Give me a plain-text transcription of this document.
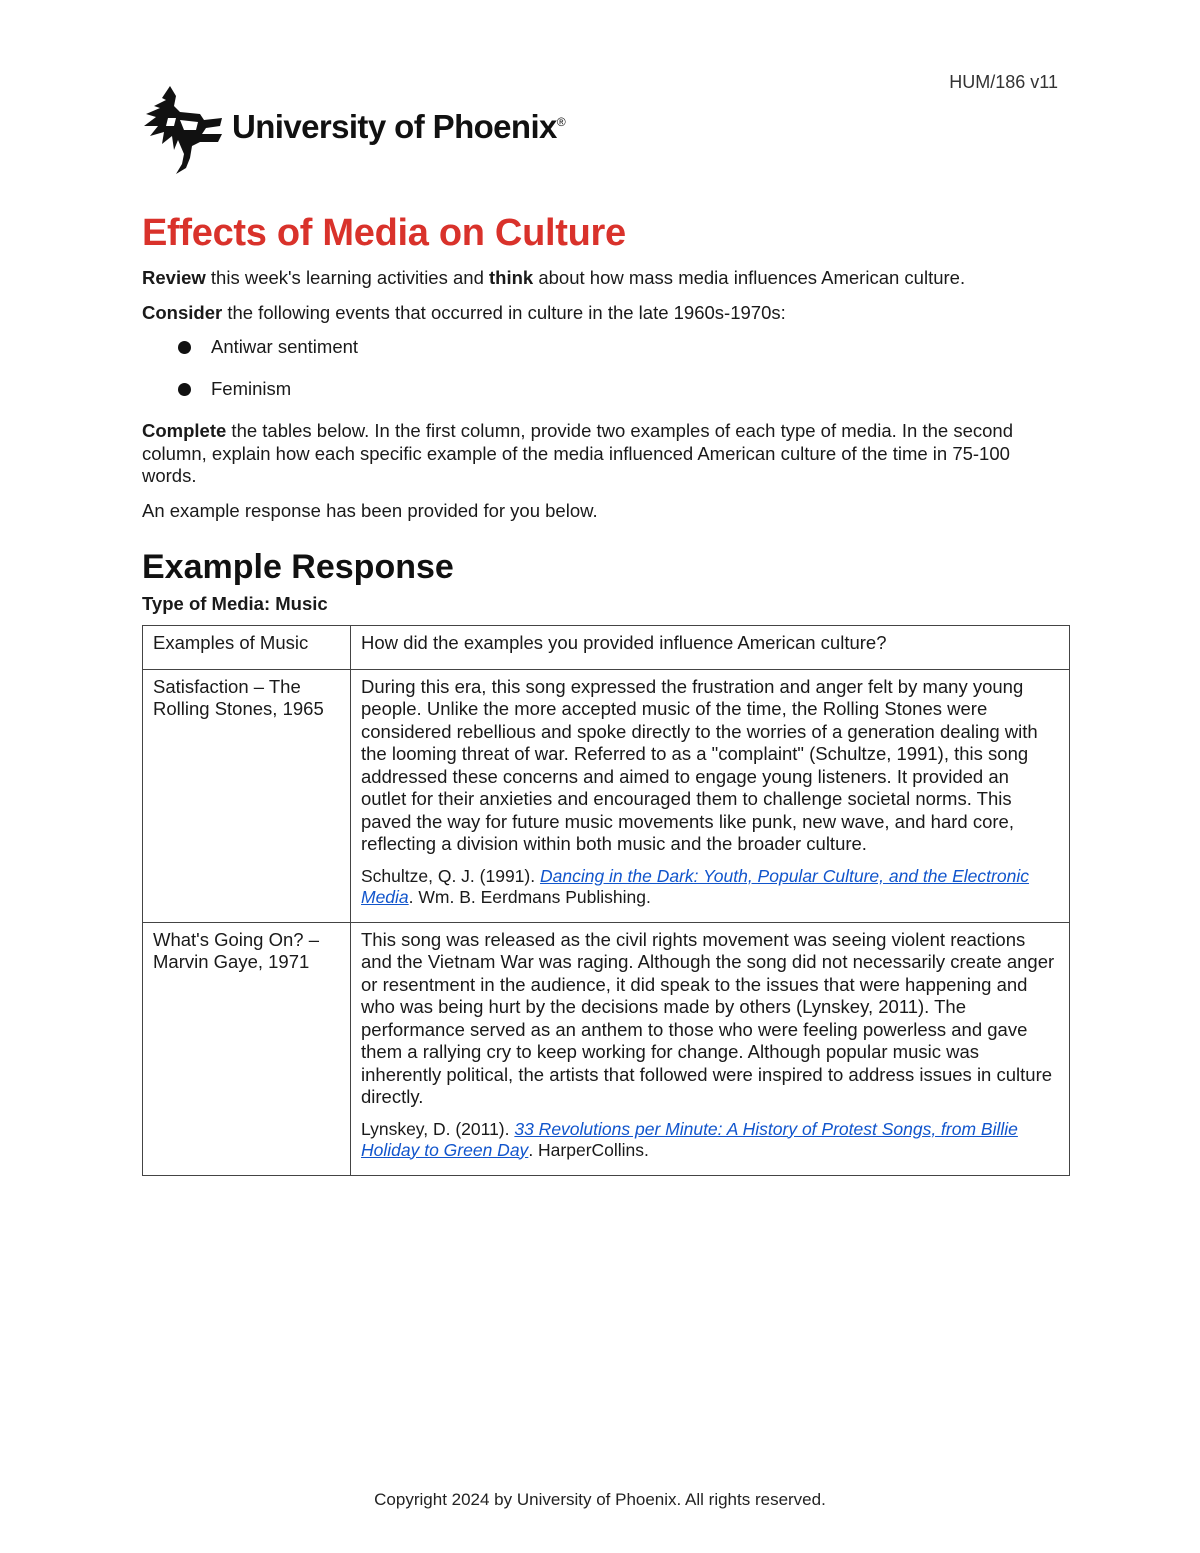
HUM/186 v11
University of Phoenix®
Effects of Media on Culture

Review this week's learning activities and think about how mass media influences American culture.

Consider the following events that occurred in culture in the late 1960s-1970s:

Antiwar sentiment
Feminism

Complete the tables below. In the first column, provide two examples of each type of media. In the second column, explain how each specific example of the media influenced American culture of the time in 75-100 words.

An example response has been provided for you below.

Example Response
Type of Media: Music
Examples of Music	How did the examples you provided influence American culture?
Satisfaction – The Rolling Stones, 1965	During this era, this song expressed the frustration and anger felt by many young people. Unlike the more accepted music of the time, the Rolling Stones were considered rebellious and spoke directly to the worries of a generation dealing with the looming threat of war. Referred to as a "complaint" (Schultze, 1991), this song addressed these concerns and aimed to engage young listeners. It provided an outlet for their anxieties and encouraged them to challenge societal norms. This paved the way for future music movements like punk, new wave, and hard core, reflecting a division within both music and the broader culture.

Schultze, Q. J. (1991). Dancing in the Dark: Youth, Popular Culture, and the Electronic Media. Wm. B. Eerdmans Publishing.

What's Going On? – Marvin Gaye, 1971	This song was released as the civil rights movement was seeing violent reactions and the Vietnam War was raging. Although the song did not necessarily create anger or resentment in the audience, it did speak to the issues that were happening and who was being hurt by the decisions made by others (Lynskey, 2011). The performance served as an anthem to those who were feeling powerless and gave them a rallying cry to keep working for change. Although popular music was inherently political, the artists that followed were inspired to address issues in culture directly.

Lynskey, D. (2011). 33 Revolutions per Minute: A History of Protest Songs, from Billie Holiday to Green Day. HarperCollins.

Copyright 2024 by University of Phoenix. All rights reserved.
